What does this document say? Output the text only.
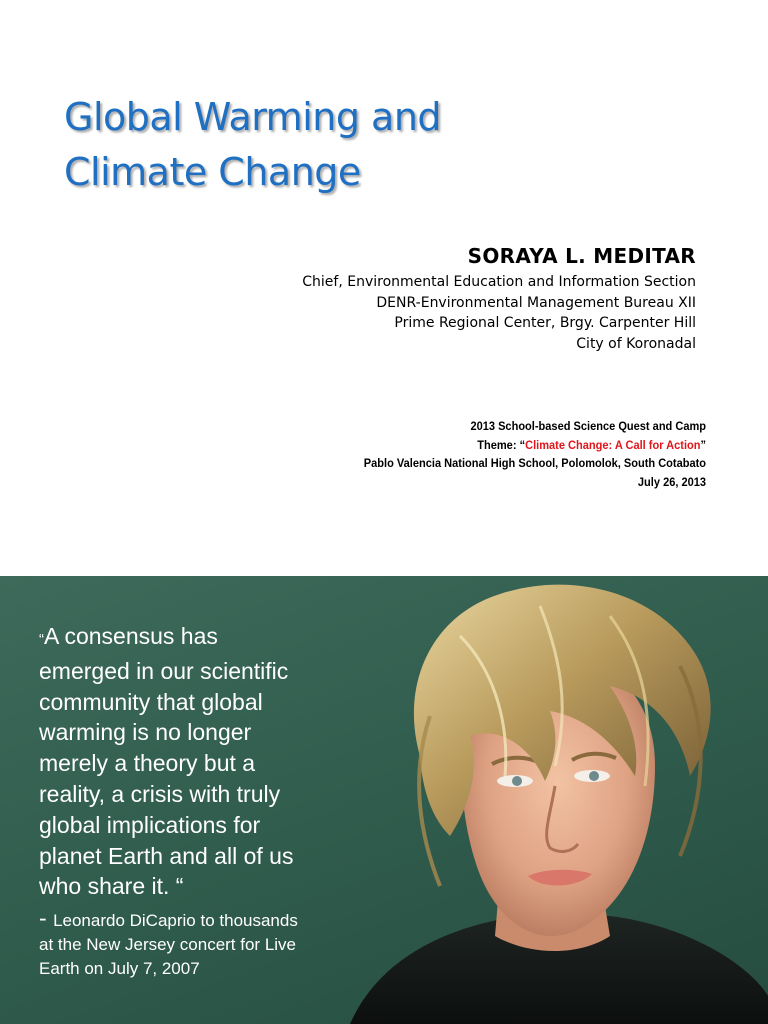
Global Warming and
Climate Change
SORAYA L. MEDITAR
Chief, Environmental Education and Information Section
DENR-Environmental Management Bureau XII
Prime Regional Center, Brgy. Carpenter Hill
City of Koronadal
2013 School-based Science Quest and Camp
Theme: “Climate Change: A Call for Action”
Pablo Valencia National High School, Polomolok, South Cotabato
July 26, 2013

“A consensus has emerged in our scientific community that global warming is no longer merely a theory but a reality, a crisis with truly global implications for planet Earth and all of us who share it. “

- Leonardo DiCaprio to thousands at the New Jersey concert for Live Earth on July 7, 2007
